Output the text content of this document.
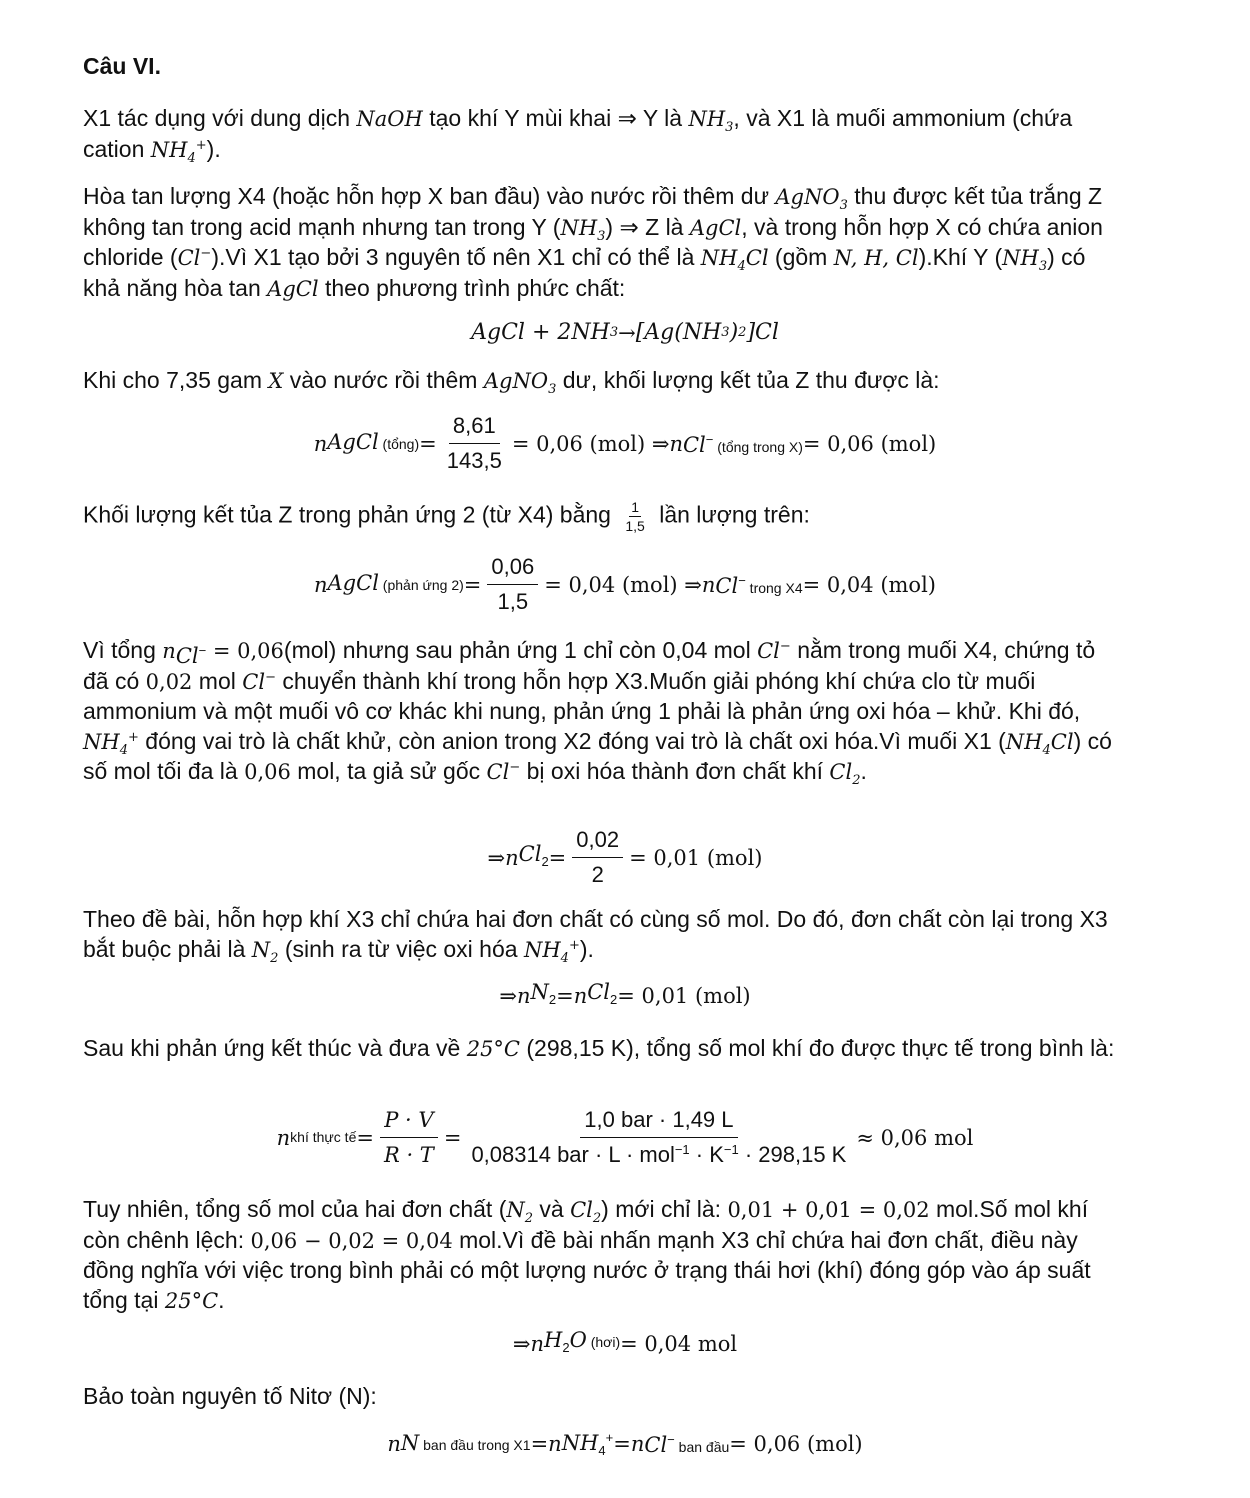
Câu VI.

X1 tác dụng với dung dịch NaOH tạo khí Y mùi khai ⇒ Y là $NH_3$, và X1 là muối ammonium (chứa cation $NH_4^+$).

Hòa tan lượng X4 (hoặc hỗn hợp X ban đầu) vào nước rồi thêm dư AgNO$_3$ thu được kết tủa trắng Z không tan trong acid mạnh nhưng tan trong Y $(NH_3)$ ⇒ Z là AgCl, và trong hỗn hợp X có chứa anion chloride (Cl−).Vì X1 tạo bởi 3 nguyên tố nên X1 chỉ có thể là $NH_4Cl$ (gồm N, H, Cl).Khí Y $(NH_3)$ có khả năng hòa tan AgCl theo phương trình phức chất:

AgCl + 2NH 3 → [Ag(NH 3 ) 2 ]Cl

Khi cho 7,35 gam X vào nước rồi thêm AgNO$_3$ dư, khối lượng kết tủa Z thu được là:

n AgCl (tổng) = $\frac{8,61}{143,5} = 0,06$ (mol) ⇒ n Cl− (tổng trong X) = 0,06 (mol)

Khối lượng kết tủa Z trong phản ứng 2 (từ X4) bằng $\frac{1}{1,5}$ lần lượng trên:

n AgCl (phản ứng $2) = \frac{0,06}{1,5} = 0,04$ (mol) ⇒ n Cl− trong X4 = 0,04 (mol)

Vì tổng $n_{Cl^-} = 0,06(mol)$ nhưng sau phản ứng 1 chỉ còn 0,04 mol Cl− nằm trong muối X4, chứng tỏ đã có 0,02 mol Cl− chuyển thành khí trong hỗn hợp X3.Muốn giải phóng khí chứa clo từ muối ammonium và một muối vô cơ khác khi nung, phản ứng 1 phải là phản ứng oxi hóa – khử. Khi đó, $NH_4^+$ đóng vai trò là chất khử, còn anion trong X2 đóng vai trò là chất oxi hóa.Vì muối X1 $(NH_4Cl)$ có số mol tối đa là 0,06 mol, ta giả sử gốc Cl− bị oxi hóa thành đơn chất khí $Cl_2$.

⇒ n $Cl_2 = \frac{0,02}{2} = 0,01$ (mol)

Theo đề bài, hỗn hợp khí X3 chỉ chứa hai đơn chất có cùng số mol. Do đó, đơn chất còn lại trong X3 bắt buộc phải là $N_2$ (sinh ra từ việc oxi hóa $NH_4^+$).

⇒ n $N_2 = n$ $Cl_2 = 0,01$ (mol)

Sau khi phản ứng kết thúc và đưa về 25°C (298,15 K), tổng số mol khí đo được thực tế trong bình là:

n khí thực tế = $\frac{P \cdot V}{R \cdot T} = \frac{\text{1,0 bar · 1,49 L}}{0,08314 bar \cdot L \cdot mol^{-1} \cdot K^{-1} \cdot 298,15 K} \approx 0,06$ mol

Tuy nhiên, tổng số mol của hai đơn chất ($N_2$ và $Cl_2$) mới chỉ là: 0,01 + 0,01 = 0,02 mol.Số mol khí còn chênh lệch: 0,06 − 0,02 = 0,04 mol.Vì đề bài nhấn mạnh X3 chỉ chứa hai đơn chất, điều này đồng nghĩa với việc trong bình phải có một lượng nước ở trạng thái hơi (khí) đóng góp vào áp suất tổng tại 25°C.

⇒ n $H_2O$ (hơi) = 0,04 mol

Bảo toàn nguyên tố Nitơ (N):

n N ban đầu trong X1 = n $NH_4^+ = n$ Cl− ban đầu = 0,06 (mol)
